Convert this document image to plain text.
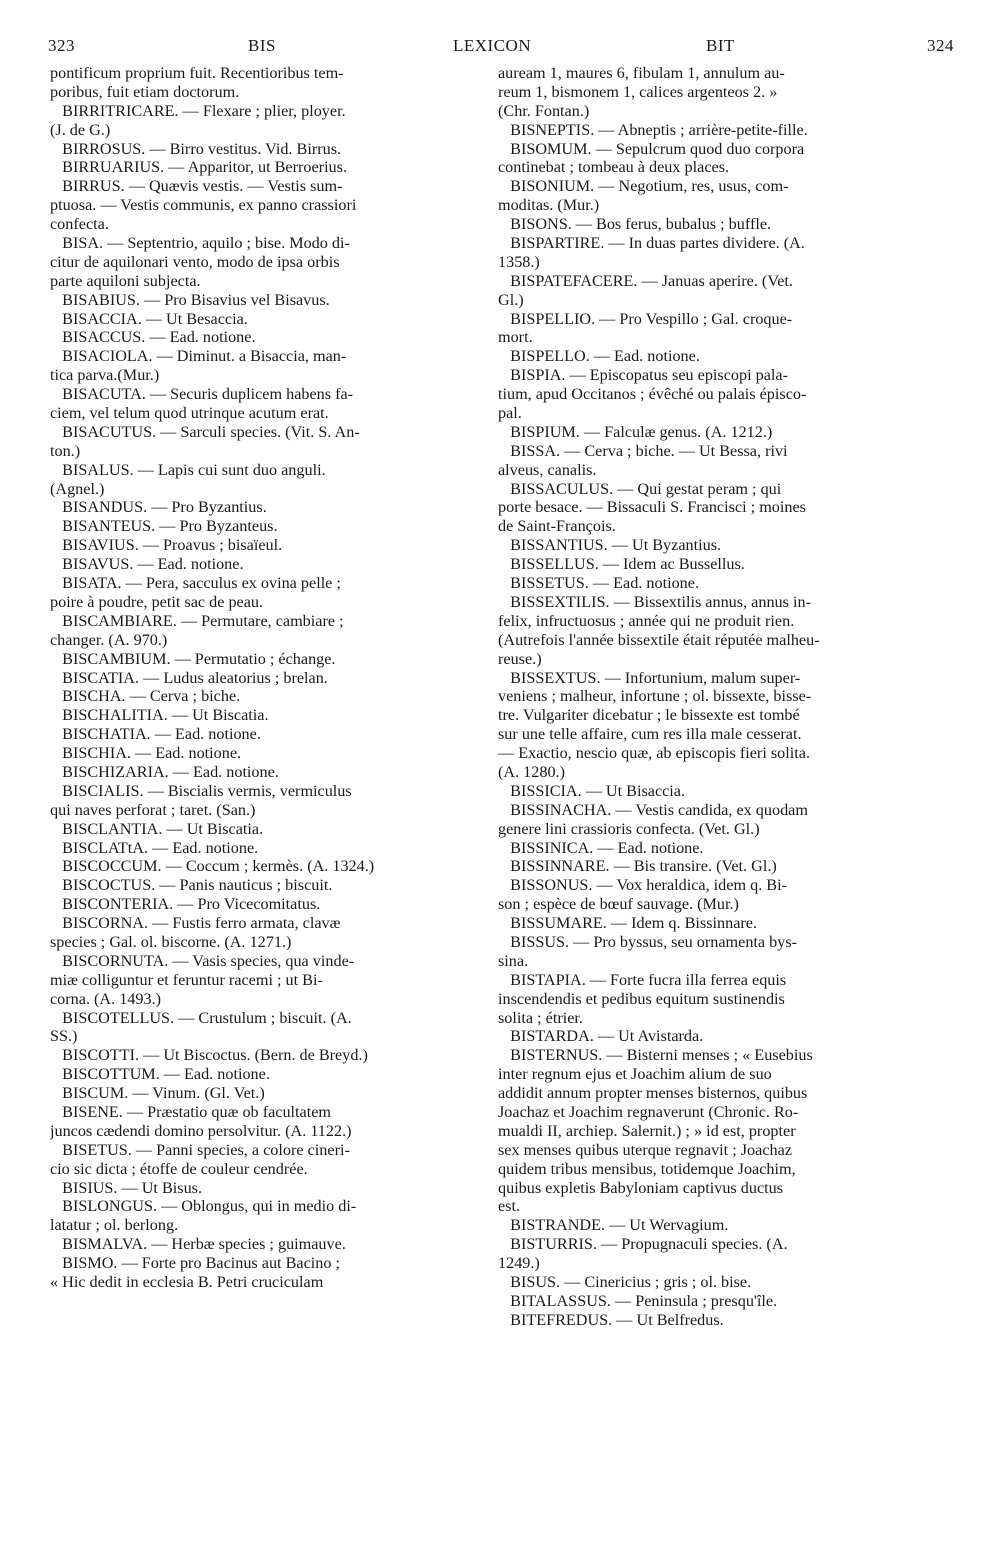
323	BIS	LEXICON	BIT	324
pontificum proprium fuit. Recentioribus tem-
poribus, fuit etiam doctorum.
BIRRITRICARE. — Flexare ; plier, ployer.
(J. de G.)
BIRROSUS. — Birro vestitus. Vid. Birrus.
BIRRUARIUS. — Apparitor, ut Berroerius.
BIRRUS. — Quævis vestis. — Vestis sum-
ptuosa. — Vestis communis, ex panno crassiori
confecta.
BISA. — Septentrio, aquilo ; bise. Modo di-
citur de aquilonari vento, modo de ipsa orbis
parte aquiloni subjecta.
BISABIUS. — Pro Bisavius vel Bisavus.
BISACCIA. — Ut Besaccia.
BISACCUS. — Ead. notione.
BISACIOLA. — Diminut. a Bisaccia, man-
tica parva.(Mur.)
BISACUTA. — Securis duplicem habens fa-
ciem, vel telum quod utrinque acutum erat.
BISACUTUS. — Sarculi species. (Vit. S. An-
ton.)
BISALUS. — Lapis cui sunt duo anguli.
(Agnel.)
BISANDUS. — Pro Byzantius.
BISANTEUS. — Pro Byzanteus.
BISAVIUS. — Proavus ; bisaïeul.
BISAVUS. — Ead. notione.
BISATA. — Pera, sacculus ex ovina pelle ;
poire à poudre, petit sac de peau.
BISCAMBIARE. — Permutare, cambiare ;
changer. (A. 970.)
BISCAMBIUM. — Permutatio ; échange.
BISCATIA. — Ludus aleatorius ; brelan.
BISCHA. — Cerva ; biche.
BISCHALITIA. — Ut Biscatia.
BISCHATIA. — Ead. notione.
BISCHIA. — Ead. notione.
BISCHIZARIA. — Ead. notione.
BISCIALIS. — Biscialis vermis, vermiculus
qui naves perforat ; taret. (San.)
BISCLANTIA. — Ut Biscatia.
BISCLATtA. — Ead. notione.
BISCOCCUM. — Coccum ; kermès. (A. 1324.)
BISCOCTUS. — Panis nauticus ; biscuit.
BISCONTERIA. — Pro Vicecomitatus.
BISCORNA. — Fustis ferro armata, clavæ
species ; Gal. ol. biscorne. (A. 1271.)
BISCORNUTA. — Vasis species, qua vinde-
miæ colliguntur et feruntur racemi ; ut Bi-
corna. (A. 1493.)
BISCOTELLUS. — Crustulum ; biscuit. (A.
SS.)
BISCOTTI. — Ut Biscoctus. (Bern. de Breyd.)
BISCOTTUM. — Ead. notione.
BISCUM. — Vinum. (Gl. Vet.)
BISENE. — Præstatio quæ ob facultatem
juncos cædendi domino persolvitur. (A. 1122.)
BISETUS. — Panni species, a colore cineri-
cio sic dicta ; étoffe de couleur cendrée.
BISIUS. — Ut Bisus.
BISLONGUS. — Oblongus, qui in medio di-
latatur ; ol. berlong.
BISMALVA. — Herbæ species ; guimauve.
BISMO. — Forte pro Bacinus aut Bacino ;
« Hic dedit in ecclesia B. Petri cruciculam
auream 1, maures 6, fibulam 1, annulum au-
reum 1, bismonem 1, calices argenteos 2. »
(Chr. Fontan.)
BISNEPTIS. — Abneptis ; arrière-petite-fille.
BISOMUM. — Sepulcrum quod duo corpora
continebat ; tombeau à deux places.
BISONIUM. — Negotium, res, usus, com-
moditas. (Mur.)
BISONS. — Bos ferus, bubalus ; buffle.
BISPARTIRE. — In duas partes dividere. (A.
1358.)
BISPATEFACERE. — Januas aperire. (Vet.
Gl.)
BISPELLIO. — Pro Vespillo ; Gal. croque-
mort.
BISPELLO. — Ead. notione.
BISPIA. — Episcopatus seu episcopi pala-
tium, apud Occitanos ; évêché ou palais épisco-
pal.
BISPIUM. — Falculæ genus. (A. 1212.)
BISSA. — Cerva ; biche. — Ut Bessa, rivi
alveus, canalis.
BISSACULUS. — Qui gestat peram ; qui
porte besace. — Bissaculi S. Francisci ; moines
de Saint-François.
BISSANTIUS. — Ut Byzantius.
BISSELLUS. — Idem ac Bussellus.
BISSETUS. — Ead. notione.
BISSEXTILIS. — Bissextilis annus, annus in-
felix, infructuosus ; année qui ne produit rien.
(Autrefois l'année bissextile était réputée malheu-
reuse.)
BISSEXTUS. — Infortunium, malum super-
veniens ; malheur, infortune ; ol. bissexte, bisse-
tre. Vulgariter dicebatur ; le bissexte est tombé
sur une telle affaire, cum res illa male cesserat.
— Exactio, nescio quæ, ab episcopis fieri solita.
(A. 1280.)
BISSICIA. — Ut Bisaccia.
BISSINACHA. — Vestis candida, ex quodam
genere lini crassioris confecta. (Vet. Gl.)
BISSINICA. — Ead. notione.
BISSINNARE. — Bis transire. (Vet. Gl.)
BISSONUS. — Vox heraldica, idem q. Bi-
son ; espèce de bœuf sauvage. (Mur.)
BISSUMARE. — Idem q. Bissinnare.
BISSUS. — Pro byssus, seu ornamenta bys-
sina.
BISTAPIA. — Forte fucra illa ferrea equis
inscendendis et pedibus equitum sustinendis
solita ; étrier.
BISTARDA. — Ut Avistarda.
BISTERNUS. — Bisterni menses ; « Eusebius
inter regnum ejus et Joachim alium de suo
addidit annum propter menses bisternos, quibus
Joachaz et Joachim regnaverunt (Chronic. Ro-
mualdi II, archiep. Salernit.) ; » id est, propter
sex menses quibus uterque regnavit ; Joachaz
quidem tribus mensibus, totidemque Joachim,
quibus expletis Babyloniam captivus ductus
est.
BISTRANDE. — Ut Wervagium.
BISTURRIS. — Propugnaculi species. (A.
1249.)
BISUS. — Cinericius ; gris ; ol. bise.
BITALASSUS. — Peninsula ; presqu'île.
BITEFREDUS. — Ut Belfredus.
